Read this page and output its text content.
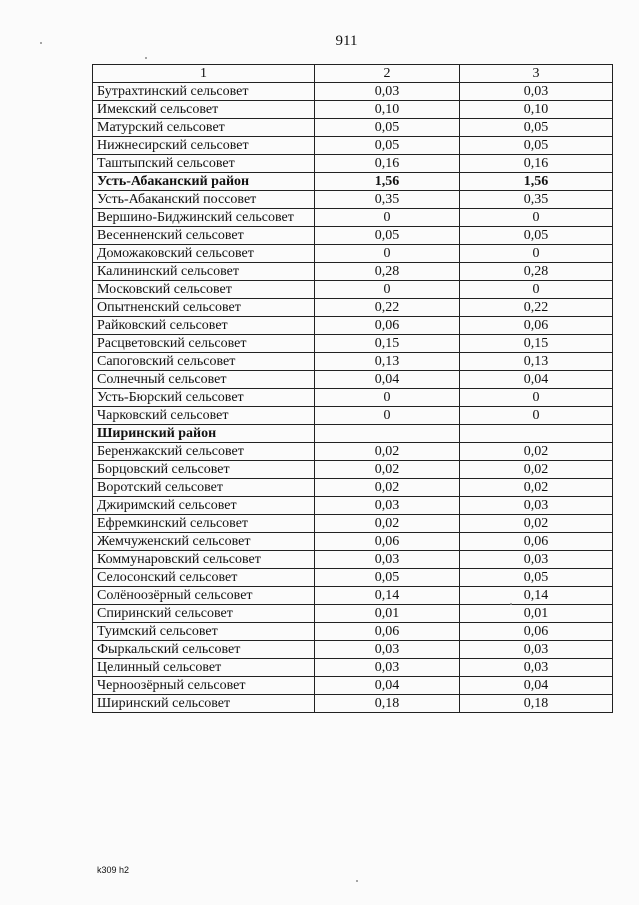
911
1	2	3
Бутрахтинский сельсовет	0,03	0,03
Имекский сельсовет	0,10	0,10
Матурский сельсовет	0,05	0,05
Нижнесирский сельсовет	0,05	0,05
Таштыпский сельсовет	0,16	0,16
Усть-Абаканский район	1,56	1,56
Усть-Абаканский поссовет	0,35	0,35
Вершино-Биджинский сельсовет	0	0
Весенненский сельсовет	0,05	0,05
Доможаковский сельсовет	0	0
Калининский сельсовет	0,28	0,28
Московский сельсовет	0	0
Опытненский сельсовет	0,22	0,22
Райковский сельсовет	0,06	0,06
Расцветовский сельсовет	0,15	0,15
Сапоговский сельсовет	0,13	0,13
Солнечный сельсовет	0,04	0,04
Усть-Бюрский сельсовет	0	0
Чарковский сельсовет	0	0
Ширинский район		
Беренжакский сельсовет	0,02	0,02
Борцовский сельсовет	0,02	0,02
Воротский сельсовет	0,02	0,02
Джиримский сельсовет	0,03	0,03
Ефремкинский сельсовет	0,02	0,02
Жемчуженский сельсовет	0,06	0,06
Коммунаровский сельсовет	0,03	0,03
Селосонский сельсовет	0,05	0,05
Солёноозёрный сельсовет	0,14	0,14
Спиринский сельсовет	0,01	0,01
Туимский сельсовет	0,06	0,06
Фыркальский сельсовет	0,03	0,03
Целинный сельсовет	0,03	0,03
Черноозёрный сельсовет	0,04	0,04
Ширинский сельсовет	0,18	0,18
k309 h2
